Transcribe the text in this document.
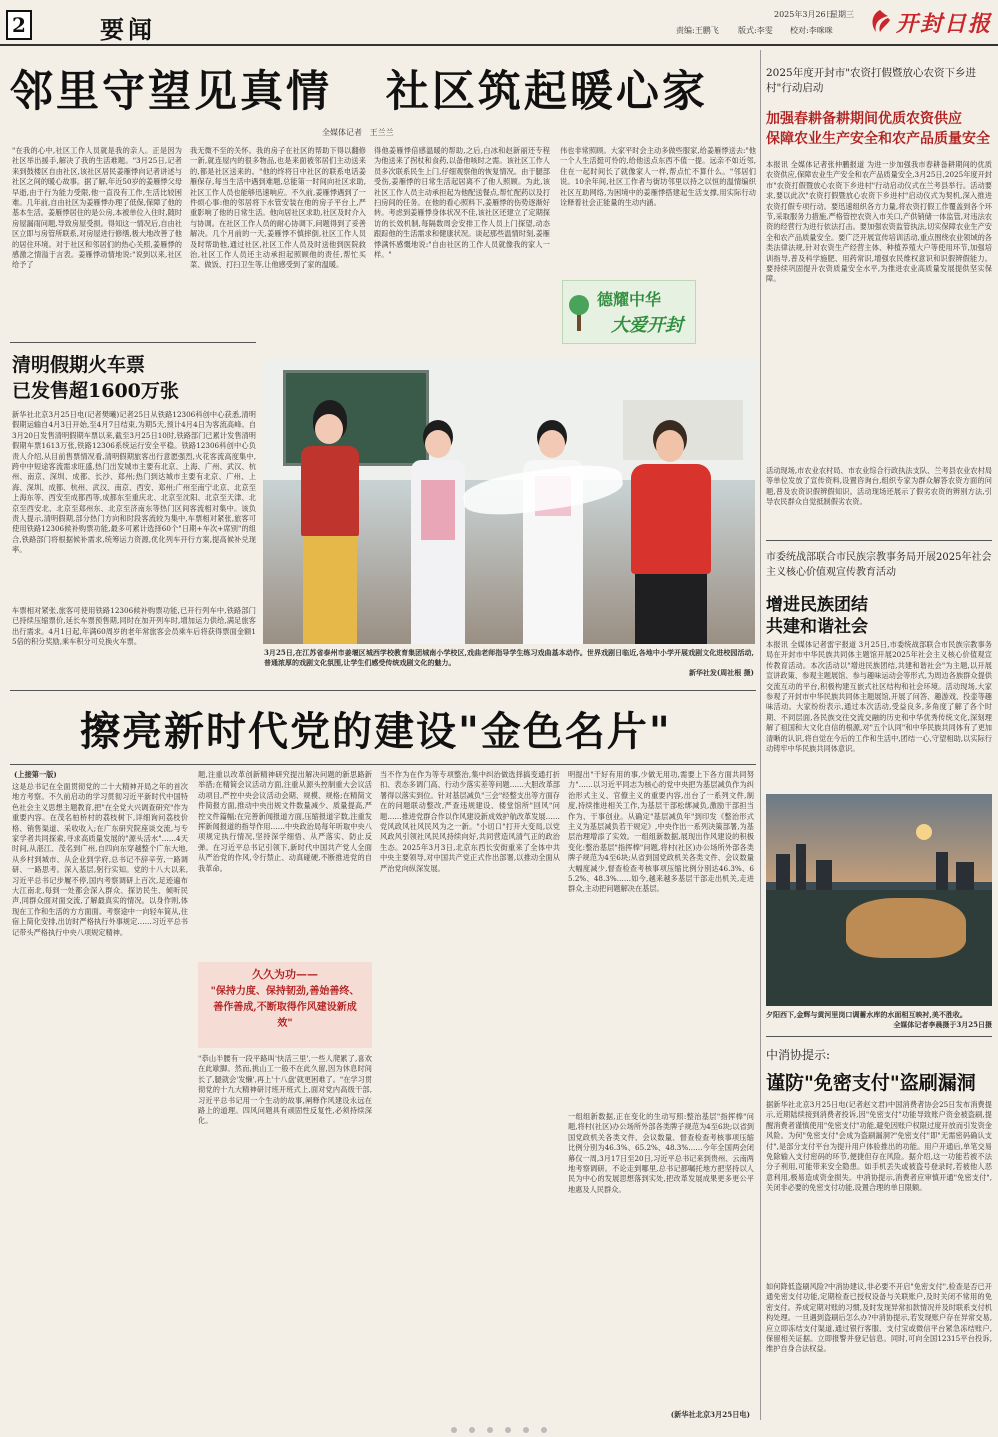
2	要闻	责编:王鹏飞	版式:李雯	校对:李咪咪
2025年3月26日
星期三	开封日报
邻里守望见真情   社区筑起暖心家
全媒体记者   王兰兰
"在我的心中,社区工作人员就是我的亲人。正是因为社区举出援手,解决了我的生活难题。"3月25日,记者来到鼓楼区自由社区,该社区居民姜雁悸向记者讲述与社区之间的暖心故事。据了解,年近50岁的姜雁悸父母早逝,由于行为能力受限,他一直没有工作,生活比较困难。几年前,自由社区为姜雁悸办理了低保,保障了他的基本生活。姜雁悸居住的是公房,本被单位入住时,随时房屋漏雨问题,导致房屋受损。得知这一情况后,自由社区立即与房管所联系,对房屋进行修缮,极大地改善了他的居住环境。对于社区和邻居们的热心关照,姜雁悸的感激之情溢于言表。姜雁悸动情地说:"说到以来,社区给予了
我无微不至的关怀。我的房子在社区的帮助下得以翻修一新,就连屋内的很多物品,也是来面被邻居们主动送来的,都是社区送来的。"他的终将日中社区的联系电话姜雁保存,每当生活中遇到难题,总能第一时间向社区求助,社区工作人员也能够迅速响应。不久前,姜雁悸遇到了一件烦心事:他的邻居将下水管安装在他的房子平台上,严重影响了他的日常生活。他向居社区求助,社区及时介入与协调。在社区工作人员的耐心协调下,问题得到了妥善解决。几个月前的一天,姜雁悸不慎摔倒,社区工作人员及时帮助他,通过社区,社区工作人员及时送他到医院救治,社区工作人员还主动承担起照顾他的责任,帮忙买菜、做饭、打扫卫生等,让他感受到了家的温暖。
得他姜雁悸倍感温暖的帮助,之后,白冰和赵新丽还专程为他送来了拐杖和食药,以备他咳时之需。该社区工作人员多次联系民生上门,仔细观察他的恢复情况。由于腿部受伤,姜雁悸的日常生活起居离不了他人照顾。为此,该社区工作人员主动承担起为他配送餐点,帮忙配药以及打扫房间的任务。在他的看心照料下,姜雁悸的伤势逐渐好转。考虑到姜雁悸身体状况不佳,该社区还建立了定期探访的长效机制,每隔数周会安排工作人员上门探望,动态跟踪他的生活需求和健康状况。谈起那些温情时刻,姜雁悸满怀感慨地说:"自由社区的工作人员就像我的家人一样。"
伟也非常照顾。大家平时会主动多做些服家,给姜雁悸送去:"他一个人生活挺可怜的,给他送点东西不值一提。远亲不如近邻,住在一起时间长了就像家人一样,帮点忙不算什么。"邻居们说。10余年间,社区工作者与街坊邻里以持之以恒的温情编织社区互助网络,为困境中的姜雁悸搭建起生活支撑,用实际行动诠释着社会正能量的生动内涵。
德耀中华
大爱开封
3月25日,在江苏省泰州市姜堰区城西学校教育集团城南小学校区,戏曲老师指导学生练习戏曲基本动作。世界戏剧日临近,各地中小学开展戏剧文化进校园活动,普通浓厚的戏剧文化氛围,让学生们感受传统戏剧文化的魅力。
新华社发(周社根 摄)
清明假期火车票
已发售超1600万张
新华社北京3月25日电(记者樊曦)记者25日从铁路12306科创中心获悉,清明假期运输自4月3日开始,至4月7日结束,为期5天,预计4月4日为客流高峰。自3月20日发售清明假期车票以来,截至3月25日10时,铁路部门已累计发售清明假期车票1613万张,铁路12306系统运行安全平稳。铁路12306科创中心负责人介绍,从目前售票情况看,清明假期旅客出行意愿强烈,火花客流高度集中,跨中中短途客流需求旺盛,热门出发城市主要有北京、上海、广州、武汉、杭州、南京、深圳、成都、长沙、郑州;热门到达城市主要有北京、广州、上海、深圳、成都、杭州、武汉、南京、西安、郑州;广州至南宁北京、北京至上海东等、西安至成都西等,成都东至重庆北、北京至沈阳、北京至天津、北京至西安北、北京至郑州东、北京至济南东等热门区间客流相对集中。该负责人提示,清明假期,部分热门方向和时段客流较为集中,车票相对紧张,旅客可使用铁路12306候补购票功能,最多可累计选择60个"日期+车次+席别"的组合,铁路部门将根据候补需求,统筹运力资源,优化列车开行方案,提高候补兑现率。
车票相对紧张,旅客可使用铁路12306候补购票功能,已开行列车中,铁路部门已持续压缩票价,延长车票预售期,同时在加开列车时,增加运力供给,满足旅客出行需求。4月1日起,年满60周岁的老年常旅客会员乘车后将获得票面金额15倍的积分奖励,乘车积分可兑换火车票。
擦亮新时代党的建设"金色名片"
(上接第一版)
这是总书记在全面贯彻党的二十大精神开局之年的首次地方考察。不久前启动的学习贯彻习近平新时代中国特色社会主义思想主题教育,把"在全党大兴调查研究"作为重要内容。在茂名柏桥村的荔枝树下,详细询问荔枝价格、销售渠道、采收收入;在广东研究院座谈交流,与专家学者共同探索,寻求高质量发展的"源头活水"……4天时间,从湛江、茂名到广州,自四向东穿越整个广东大地,从乡村到城市、从企业到学府,总书记不辞辛劳,一路调研、一路思考。深入基层,躬行实知。党的十八大以来,习近平总书记步履不停,国内考察调研上百次,足迹遍布大江南北,每到一处都会深入群众、探访民生、倾听民声,同群众面对面交流,了解最真实的情况。以身作则,体现在工作和生活的方方面面。考察途中一向轻车简从,住宿上简化安排,出访时严格执行外事规定……习近平总书记带头严格执行中央八项规定精神。
题,注重以改革创新精神研究提出解决问题的新思路新举措;在精简会议活动方面,注重从源头控制重大会议活动项目,严控中央会议活动会期、规模、规格;在精简文件简报方面,推动中央出规文件数量减少、质量提高,严控文件篇幅;在完善新闻报道方面,压缩报道字数,注重发挥新闻报道的指导作用……中央政治局每年听取中央八项规定执行情况,坚持深学细悟、从严落实、防止反弹。在习近平总书记引领下,新时代中国共产党人全面从严治党的作风,令行禁止、动真碰硬,不断推进党的自我革命。
久久为功——
"保持力度、保持韧劲,善始善终、善作善成,不断取得作风建设新成效"
"恭山半腰有一段平路叫'快活三里',一些人爬累了,喜欢在此歇脚。然而,挑山工一般不在此久留,因为休息时间长了,腿就会'发懒',再上'十八盘'就更困难了。"在学习贯彻党的十九大精神研讨班开班式上,面对党内高级干部,习近平总书记用一个生动的故事,阐释作风建设永远在路上的道理。四风问题具有顽固性反复性,必须持续深化。
当不作为在作为等专项整治,集中纠治做选择搞变通打折扣、表态多调门高、行动少落实差等问题……大胆改革部署得以落实到位。针对基层减负"三会"经整支出等方面存在的问题联动整改,严查违规建设、楼堂馆所"回风"问题……推进党群合作以作风建设新成效护航改革发展……党风政风社风民风为之一新。"小切口"打开大变局,以党风政风引领社风民风持续向好,共同营造风清气正的政治生态。2025年3月3日,北京东西长安街重来了全体中共中央主要领导,对中国共产党正式作出部署,以推动全面从严治党向纵深发展。
明提出"干好有用的事,少做无用功,需要上下各方面共同努力"……以习近平同志为核心的党中央把为基层减负作为纠治形式主义、官僚主义的重要内容,出台了一系列文件,制度,持续推进相关工作,为基层干部松绑减负,激励干部担当作为、干事创业。从确定"基层减负年"到印发《整治形式主义为基层减负若干规定》,中央作出一系列决策部署,为基层治理增添了实效。一组组新数据,展现出作风建设的积极变化:整治基层"指挥棒"问题,将村(社区)办公场所外部各类牌子规范为4至6块;从省到国党政机关各类文件、会议数量大幅度减少,督查检查考核事项压缩比例分别达46.3%、65.2%、48.3%……如今,越来越多基层干部走出机关,走进群众,主动把问题解决在基层。
一组组新数据,正在变化的生动写照:整治基层"指挥棒"问题,将村(社区)办公场所外部各类牌子规范为4至6块;以省到国党政机关各类文件、会议数量、督查检查考核事项压缩比例分别为46.3%、65.2%、48.3%……今年全国两会闭幕仅一周,3月17日至20日,习近平总书记来到贵州、云南两地考察调研。不论走到哪里,总书记都嘱托地方把坚持以人民为中心的发展思想落到实处,把改革发展成果更多更公平地惠及人民群众。
(新华社北京3月25日电)
2025年度开封市"农资打假暨放心农资下乡进村"行动启动
加强春耕备耕期间优质农资供应
保障农业生产安全和农产品质量安全
本报讯 全媒体记者张仲鹏报道 为进一步加强我市春耕备耕期间的优质农资供应,保障农业生产安全和农产品质量安全,3月25日,2025年度开封市"农资打假暨放心农资下乡进村"行动启动仪式在兰考县举行。活动要求,要以此次"农资打假暨放心农资下乡进村"启动仪式为契机,深入推进农资打假专项行动。要迅速组织各方力量,将农资打假工作覆盖到各个环节,采取服务力措施,严格管控农资入市关口,产供销储一体监管,对违法农资的经营行为进行依法打击。要加强农资监管执法,切实保障农业生产安全和农产品质量安全。要广泛开展宣传培训活动,重点围绕农业领域的各类法律法规,针对农资生产经营主体、种植养殖大户等使用环节,加强培训指导,普及科学施肥、用药常识,增强农民维权意识和识假辨假能力。要持续巩固提升农资质量安全水平,为推进农业高质量发展提供坚实保障。
活动现场,市农业农村局、市农业综合行政执法支队、兰考县农业农村局等单位发放了宣传资料,设置咨询台,组织专家为群众解答农资方面的问题,普及农资识假辨假知识。活动现场还展示了假劣农资的辨别方法,引导农民群众自觉抵制假劣农资。
市委统战部联合市民族宗教事务局开展2025年社会主义核心价值观宣传教育活动
增进民族团结
共建和谐社会
本报讯 全媒体记者雷宇报道 3月25日,市委统战部联合市民族宗教事务局在开封市中华民族共同体主题馆开展2025年社会主义核心价值观宣传教育活动。本次活动以"增进民族团结,共建和谐社会"为主题,以开展宣讲政策、参观主题展馆、参与趣味运动会等形式,为周边各族群众提供交流互动的平台,积极构建互嵌式社区结构和社会环境。活动现场,大家参观了开封市中华民族共同体主题展馆,开展了问答、趣游戏、投壶等趣味活动。大家纷纷表示,通过本次活动,受益良多,多角度了解了各个时期、不同层面,各民族交往交流交融的历史和中华优秀传统文化,深刻理解了祖国和大文化自信的根源,对"五个认同"和中华民族共同体有了更加清晰的认识,将自觉在今后的工作和生活中,团结一心,守望相助,以实际行动铸牢中华民族共同体意识。
夕阳西下,金辉与黄河里岗口调蓄水库的水面相互映衬,美不胜收。
全媒体记者李晨摄于3月25日摄
中消协提示:
谨防"免密支付"盗刷漏洞
据新华社北京3月25日电(记者赵文君)中国消费者协会25日发布消费提示,近期陆续接到消费者投诉,因"免密支付"功能导致账户资金被盗刷,提醒消费者谨慎使用"免密支付"功能,避免因账户权限过度开放而引发资金风险。为何"免密支付"会成为盗刷漏洞?"免密支付"即"无需密码确认支付",是部分支付平台为提升用户体验推出的功能。用户开通后,单笔交易免除输入支付密码的环节,便捷但存在风险。据介绍,这一功能若被不法分子利用,可能带来安全隐患。如手机丢失或被盗号登录时,若被他人恶意利用,极易造成资金损失。中消协提示,消费者应审慎开通"免密支付",关闭非必要的免密支付功能,设置合理的单日限额。
如何降低盗刷风险?中消协建议,非必要不开启"免密支付",检查是否已开通免密支付功能,定期检查已授权设备与关联账户,及时关闭不常用的免密支付。养成定期对账的习惯,及时发现异常扣款情况并及时联系支付机构处理。一旦遇到盗刷后怎么办?中消协提示,若发现账户存在异常交易,应立即冻结支付渠道,通过银行客服、支付宝或微信平台紧急冻结账户,保留相关证据。立即报警并登记信息。同时,可向全国12315平台投诉,维护自身合法权益。
